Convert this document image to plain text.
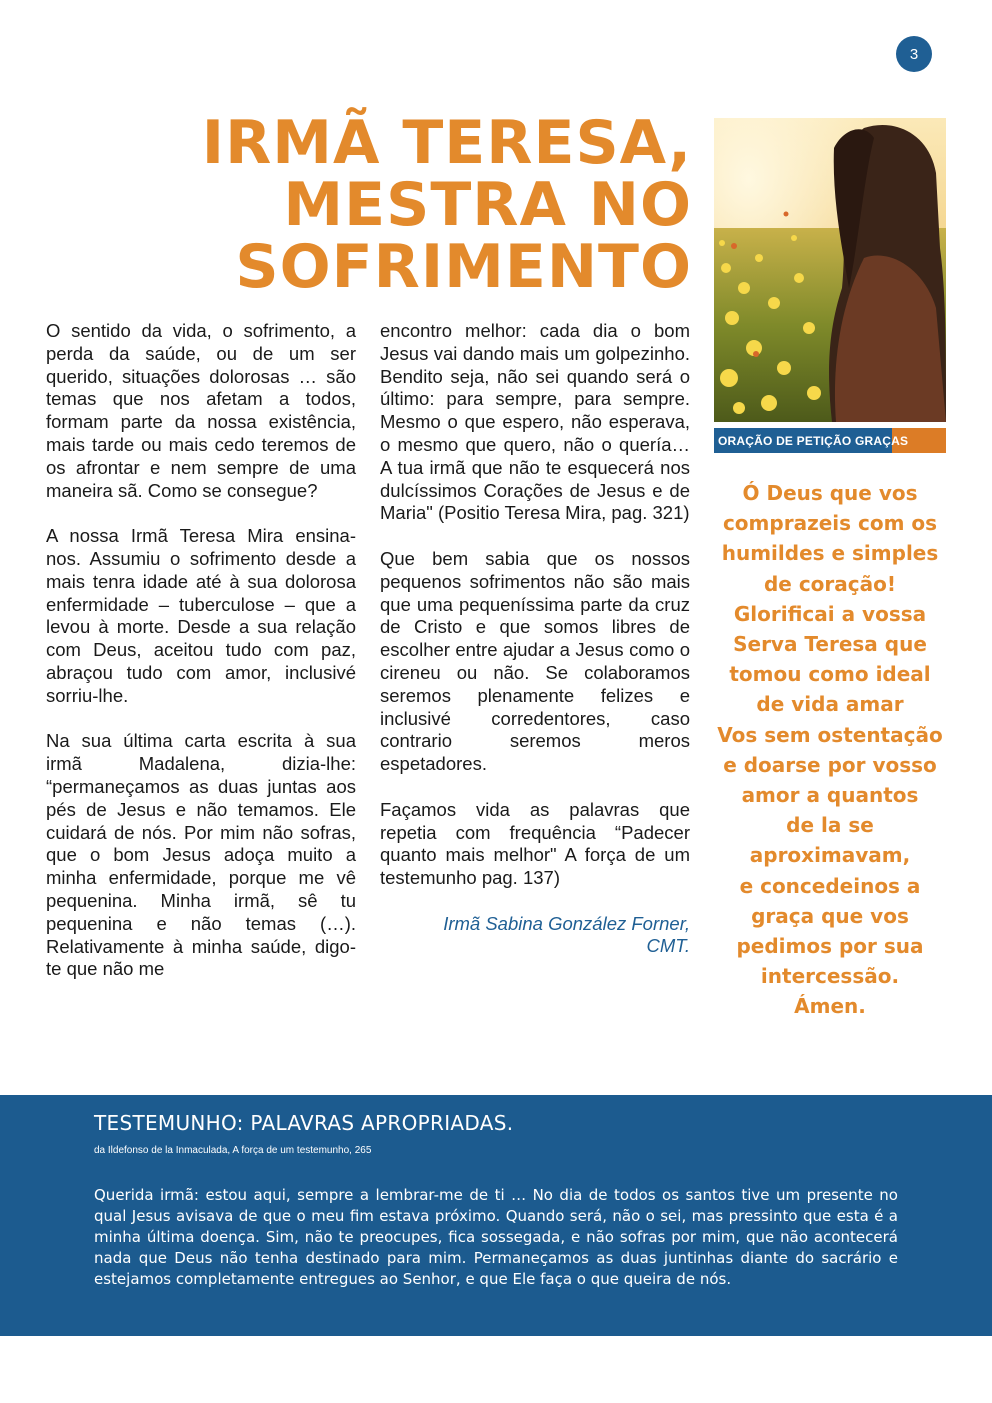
3
IRMÃ TERESA,
MESTRA NO
SOFRIMENTO

O sentido da vida, o sofrimento, a perda da saúde, ou de um ser querido, situações dolorosas … são temas que nos afetam a todos, formam parte da nossa existência, mais tarde ou mais cedo teremos de os afrontar e nem sempre de uma maneira sã. Como se consegue?

A nossa Irmã Teresa Mira ensina-nos. Assumiu o sofrimento desde a mais tenra idade até à sua dolorosa enfermidade – tuberculose – que a levou à morte. Desde a sua relação com Deus, aceitou tudo com paz, abraçou tudo com amor, inclusivé sorriu-lhe.

Na sua última carta escrita à sua irmã Madalena, dizia-lhe: “permaneçamos as duas juntas aos pés de Jesus e não temamos. Ele cuidará de nós. Por mim não sofras, que o bom Jesus adoça muito a minha enfermidade, porque me vê pequenina. Minha irmã, sê tu pequenina e não temas (…). Relativamente à minha saúde, digo-te que não me

encontro melhor: cada dia o bom Jesus vai dando mais um golpezinho. Bendito seja, não sei quando será o último: para sempre, para sempre. Mesmo o que espero, não esperava, o mesmo que quero, não o quería… A tua irmã que não te esquecerá nos dulcíssimos Corações de Jesus e de Maria" (Positio Teresa Mira, pag. 321)

Que bem sabia que os nossos pequenos sofrimentos não são mais que uma pequeníssima parte da cruz de Cristo e que somos libres de escolher entre ajudar a Jesus como o cireneu ou não. Se colaboramos seremos plenamente felizes e inclusivé corredentores, caso contrario seremos meros espetadores.

Façamos vida as palavras que repetia com frequência “Padecer quanto mais melhor" A força de um testemunho pag. 137)

Irmã Sabina González Forner,
CMT.

ORAÇÃO DE PETIÇÃO GRAÇAS
Ó Deus que vos
comprazeis com os
humildes e simples
de coração!
Glorificai a vossa
Serva Teresa que
tomou como ideal
de vida amar
Vos sem ostentação
e doarse por vosso
amor a quantos
de la se
aproximavam,
e concedeinos a
graça que vos
pedimos por sua
intercessão.
Ámen.
TESTEMUNHO: PALAVRAS APROPRIADAS.
da Ildefonso de la Inmaculada, A força de um testemunho, 265

Querida irmã: estou aqui, sempre a lembrar-me de ti … No dia de todos os santos tive um presente no qual Jesus avisava de que o meu fim estava próximo. Quando será, não o sei, mas pressinto que esta é a minha última doença. Sim, não te preocupes, fica sossegada, e não sofras por mim, que não acontecerá nada que Deus não tenha destinado para mim. Permaneçamos as duas juntinhas diante do sacrário e estejamos completamente entregues ao Senhor, e que Ele faça o que queira de nós.
